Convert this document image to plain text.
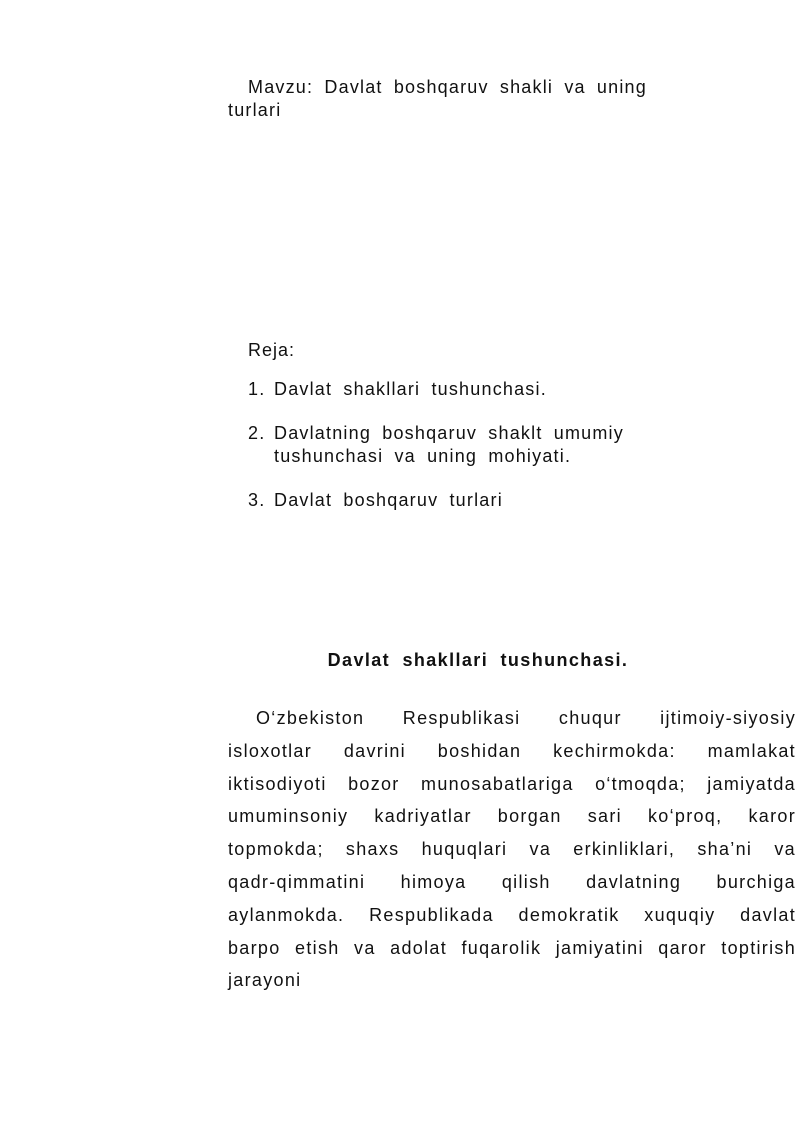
Mavzu: Davlat boshqaruv shakli va uning turlari
Reja:
1. Davlat shakllari tushunchasi.
2. Davlatning boshqaruv shaklt umumiy tushunchasi va uning mohiyati.
3. Davlat boshqaruv turlari
Davlat shakllari tushunchasi.

O‘zbekiston Respublikasi chuqur ijtimoiy-siyosiy isloxotlar davrini boshidan kechirmokda: mamlakat iktisodiyoti bozor munosabatlariga o‘tmoqda; jamiyatda umuminsoniy kadriyatlar borgan sari ko‘proq, karor topmokda; shaxs huquqlari va erkinliklari, sha’ni va qadr-qimmatini himoya qilish davlatning burchiga aylanmokda. Respublikada demokratik xuquqiy davlat barpo etish va adolat fuqarolik jamiyatini qaror toptirish jarayoni
